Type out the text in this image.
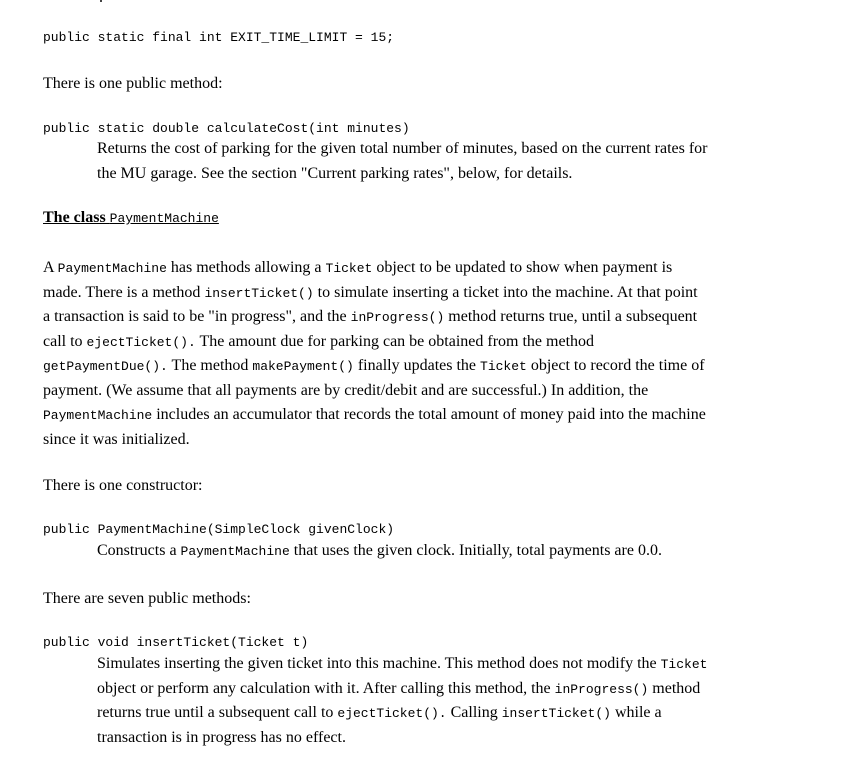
public static final int EXIT_TIME_LIMIT = 15;
There is one public method:
public static double calculateCost(int minutes)
Returns the cost of parking for the given total number of minutes, based on the current rates for
the MU garage. See the section "Current parking rates", below, for details.
The class PaymentMachine
A PaymentMachine has methods allowing a Ticket object to be updated to show when payment is
made. There is a method insertTicket() to simulate inserting a ticket into the machine. At that point
a transaction is said to be "in progress", and the inProgress() method returns true, until a subsequent
call to ejectTicket(). The amount due for parking can be obtained from the method
getPaymentDue(). The method makePayment() finally updates the Ticket object to record the time of
payment. (We assume that all payments are by credit/debit and are successful.) In addition, the
PaymentMachine includes an accumulator that records the total amount of money paid into the machine
since it was initialized.
There is one constructor:
public PaymentMachine(SimpleClock givenClock)
Constructs a PaymentMachine that uses the given clock. Initially, total payments are 0.0.
There are seven public methods:
public void insertTicket(Ticket t)
Simulates inserting the given ticket into this machine. This method does not modify the Ticket
object or perform any calculation with it. After calling this method, the inProgress() method
returns true until a subsequent call to ejectTicket(). Calling insertTicket() while a
transaction is in progress has no effect.
